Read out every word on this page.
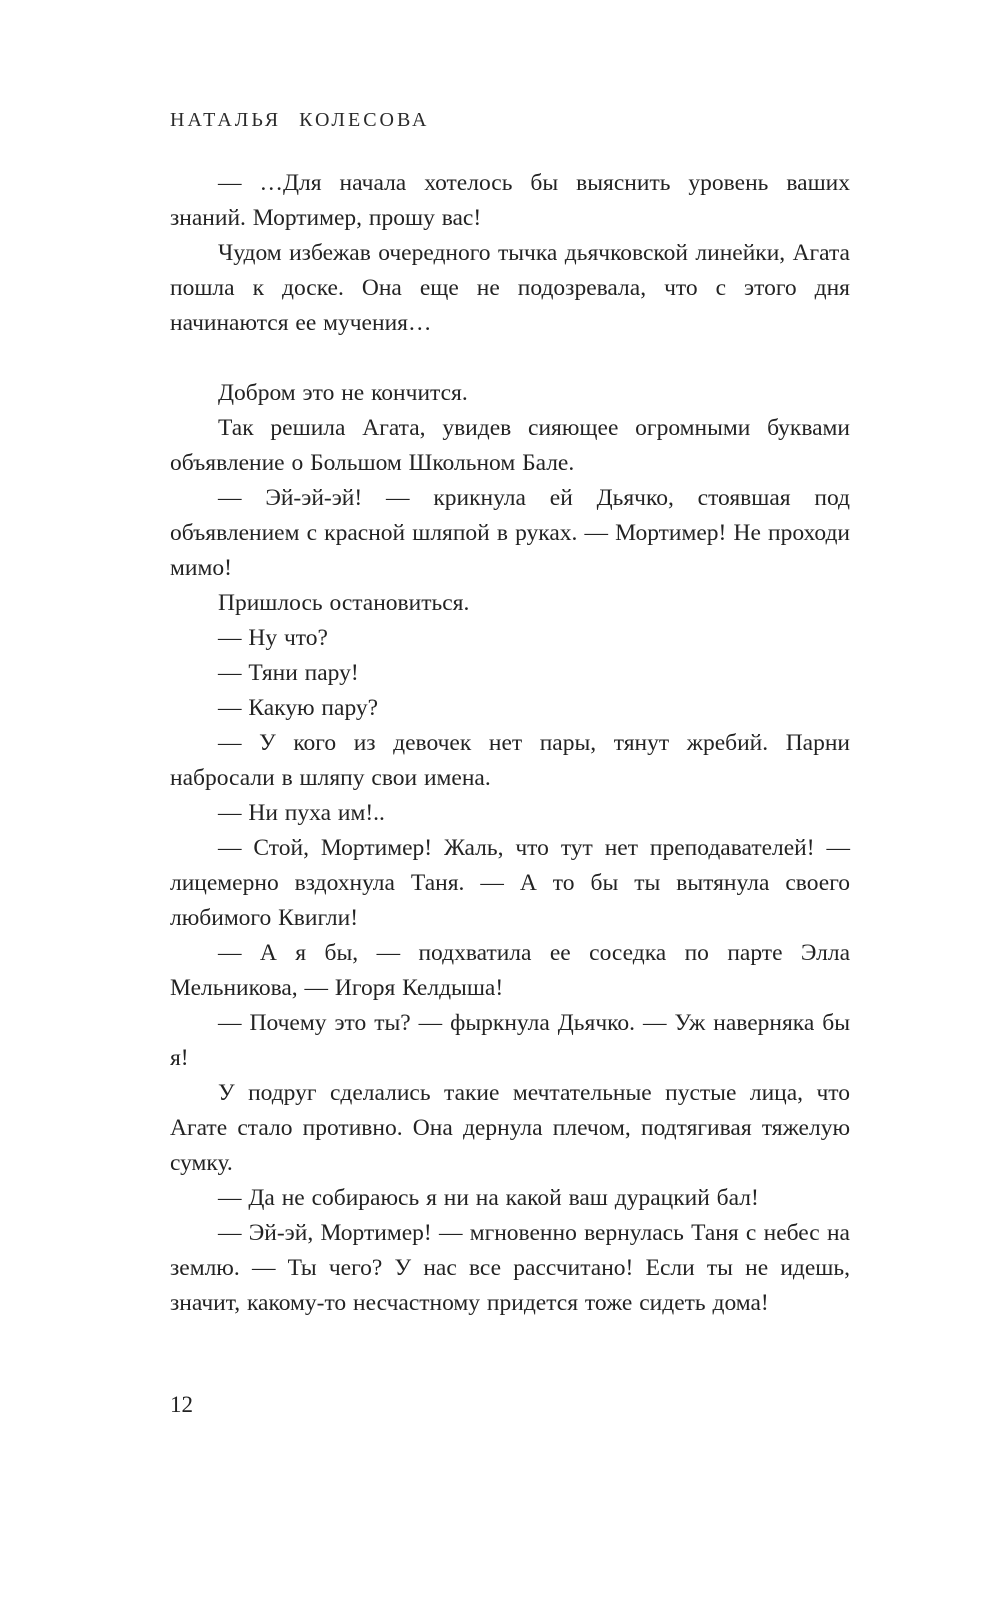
НАТАЛЬЯ КОЛЕСОВА

— …Для начала хотелось бы выяснить уровень ваших знаний. Мортимер, прошу вас!

Чудом избежав очередного тычка дьячковской линейки, Агата пошла к доске. Она еще не подозревала, что с этого дня начинаются ее мучения…

Добром это не кончится.

Так решила Агата, увидев сияющее огромными буквами объявление о Большом Школьном Бале.

— Эй-эй-эй! — крикнула ей Дьячко, стоявшая под объявлением с красной шляпой в руках. — Мортимер! Не проходи мимо!

Пришлось остановиться.

— Ну что?

— Тяни пару!

— Какую пару?

— У кого из девочек нет пары, тянут жребий. Парни набросали в шляпу свои имена.

— Ни пуха им!..

— Стой, Мортимер! Жаль, что тут нет преподавателей! — лицемерно вздохнула Таня. — А то бы ты вытянула своего любимого Квигли!

— А я бы, — подхватила ее соседка по парте Элла Мельникова, — Игоря Келдыша!

— Почему это ты? — фыркнула Дьячко. — Уж наверняка бы я!

У подруг сделались такие мечтательные пустые лица, что Агате стало противно. Она дернула плечом, подтягивая тяжелую сумку.

— Да не собираюсь я ни на какой ваш дурацкий бал!

— Эй-эй, Мортимер! — мгновенно вернулась Таня с небес на землю. — Ты чего? У нас все рассчитано! Если ты не идешь, значит, какому-то несчастному придется тоже сидеть дома!

12
